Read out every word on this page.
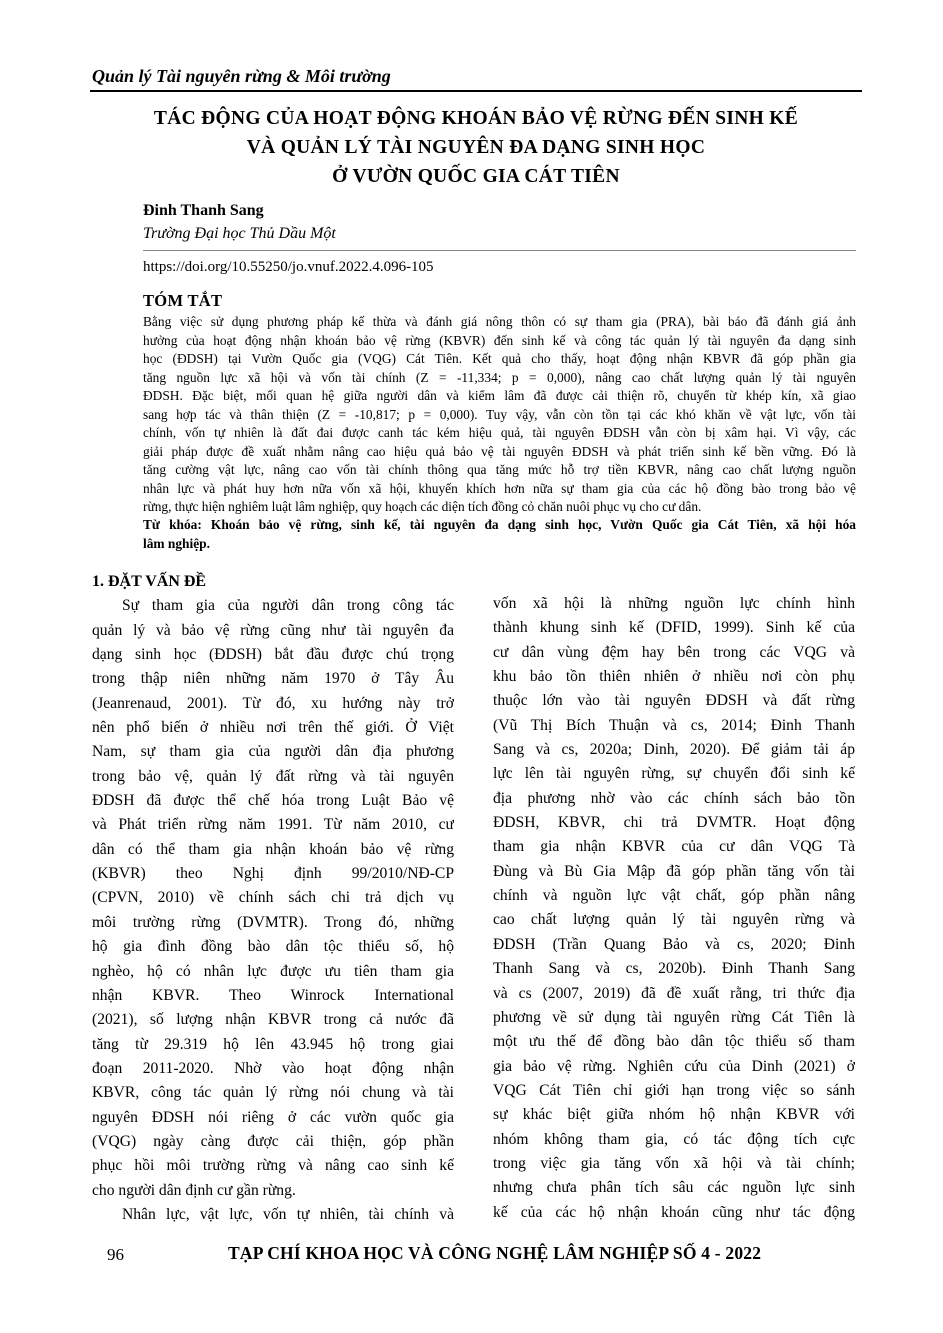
Quản lý Tài nguyên rừng & Môi trường
TÁC ĐỘNG CỦA HOẠT ĐỘNG KHOÁN BẢO VỆ RỪNG ĐẾN SINH KẾ
VÀ QUẢN LÝ TÀI NGUYÊN ĐA DẠNG SINH HỌC
Ở VƯỜN QUỐC GIA CÁT TIÊN
Đinh Thanh Sang
Trường Đại học Thủ Dầu Một
https://doi.org/10.55250/jo.vnuf.2022.4.096-105
TÓM TẮT
Bằng việc sử dụng phương pháp kế thừa và đánh giá nông thôn có sự tham gia (PRA), bài báo đã đánh giá ảnh
hưởng của hoạt động nhận khoán bảo vệ rừng (KBVR) đến sinh kế và công tác quản lý tài nguyên đa dạng sinh
học (ĐDSH) tại Vườn Quốc gia (VQG) Cát Tiên. Kết quả cho thấy, hoạt động nhận KBVR đã góp phần gia
tăng nguồn lực xã hội và vốn tài chính (Z = -11,334; p = 0,000), nâng cao chất lượng quản lý tài nguyên
ĐDSH. Đặc biệt, mối quan hệ giữa người dân và kiểm lâm đã được cải thiện rõ, chuyển từ khép kín, xã giao
sang hợp tác và thân thiện (Z = -10,817; p = 0,000). Tuy vậy, vẫn còn tồn tại các khó khăn về vật lực, vốn tài
chính, vốn tự nhiên là đất đai được canh tác kém hiệu quả, tài nguyên ĐDSH vẫn còn bị xâm hại. Vì vậy, các
giải pháp được đề xuất nhằm nâng cao hiệu quả bảo vệ tài nguyên ĐDSH và phát triển sinh kế bền vững. Đó là
tăng cường vật lực, nâng cao vốn tài chính thông qua tăng mức hỗ trợ tiền KBVR, nâng cao chất lượng nguồn
nhân lực và phát huy hơn nữa vốn xã hội, khuyến khích hơn nữa sự tham gia của các hộ đồng bào trong bảo vệ
rừng, thực hiện nghiêm luật lâm nghiệp, quy hoạch các diện tích đồng cỏ chăn nuôi phục vụ cho cư dân.
Từ khóa: Khoán bảo vệ rừng, sinh kế, tài nguyên đa dạng sinh học, Vườn Quốc gia Cát Tiên, xã hội hóa
lâm nghiệp.
1. ĐẶT VẤN ĐỀ
Sự tham gia của người dân trong công tác
quản lý và bảo vệ rừng cũng như tài nguyên đa
dạng sinh học (ĐDSH) bắt đầu được chú trọng
trong thập niên những năm 1970 ở Tây Âu
(Jeanrenaud, 2001). Từ đó, xu hướng này trở
nên phổ biến ở nhiều nơi trên thế giới. Ở Việt
Nam, sự tham gia của người dân địa phương
trong bảo vệ, quản lý đất rừng và tài nguyên
ĐDSH đã được thể chế hóa trong Luật Bảo vệ
và Phát triển rừng năm 1991. Từ năm 2010, cư
dân có thể tham gia nhận khoán bảo vệ rừng
(KBVR) theo Nghị định 99/2010/NĐ-CP
(CPVN, 2010) về chính sách chi trả dịch vụ
môi trường rừng (DVMTR). Trong đó, những
hộ gia đình đồng bào dân tộc thiểu số, hộ
nghèo, hộ có nhân lực được ưu tiên tham gia
nhận KBVR. Theo Winrock International
(2021), số lượng nhận KBVR trong cả nước đã
tăng từ 29.319 hộ lên 43.945 hộ trong giai
đoạn 2011-2020. Nhờ vào hoạt động nhận
KBVR, công tác quản lý rừng nói chung và tài
nguyên ĐDSH nói riêng ở các vườn quốc gia
(VQG) ngày càng được cải thiện, góp phần
phục hồi môi trường rừng và nâng cao sinh kế
cho người dân định cư gần rừng.
Nhân lực, vật lực, vốn tự nhiên, tài chính và
vốn xã hội là những nguồn lực chính hình
thành khung sinh kế (DFID, 1999). Sinh kế của
cư dân vùng đệm hay bên trong các VQG và
khu bảo tồn thiên nhiên ở nhiều nơi còn phụ
thuộc lớn vào tài nguyên ĐDSH và đất rừng
(Vũ Thị Bích Thuận và cs, 2014; Đinh Thanh
Sang và cs, 2020a; Dinh, 2020). Để giảm tải áp
lực lên tài nguyên rừng, sự chuyển đổi sinh kế
địa phương nhờ vào các chính sách bảo tồn
ĐDSH, KBVR, chi trả DVMTR. Hoạt động
tham gia nhận KBVR của cư dân VQG Tà
Đùng và Bù Gia Mập đã góp phần tăng vốn tài
chính và nguồn lực vật chất, góp phần nâng
cao chất lượng quản lý tài nguyên rừng và
ĐDSH (Trần Quang Bảo và cs, 2020; Đinh
Thanh Sang và cs, 2020b). Đinh Thanh Sang
và cs (2007, 2019) đã đề xuất rằng, tri thức địa
phương về sử dụng tài nguyên rừng Cát Tiên là
một ưu thế để đồng bào dân tộc thiểu số tham
gia bảo vệ rừng. Nghiên cứu của Dinh (2021) ở
VQG Cát Tiên chỉ giới hạn trong việc so sánh
sự khác biệt giữa nhóm hộ nhận KBVR với
nhóm không tham gia, có tác động tích cực
trong việc gia tăng vốn xã hội và tài chính;
nhưng chưa phân tích sâu các nguồn lực sinh
kế của các hộ nhận khoán cũng như tác động
96	TẠP CHÍ KHOA HỌC VÀ CÔNG NGHỆ LÂM NGHIỆP SỐ 4 - 2022
